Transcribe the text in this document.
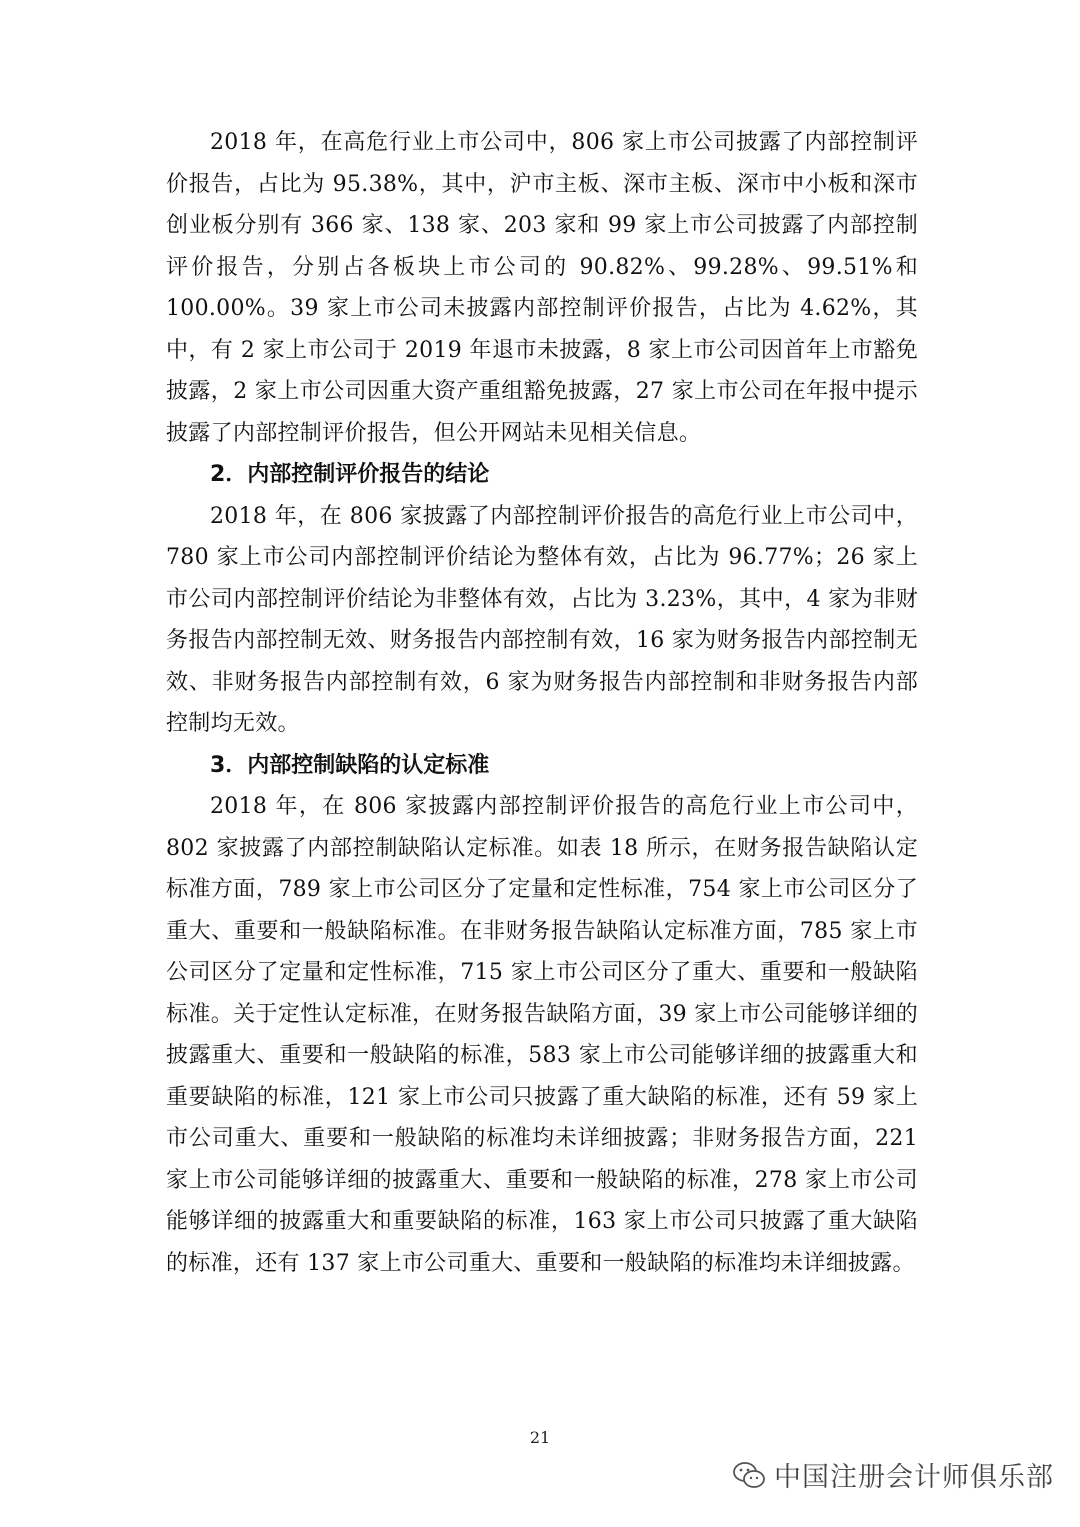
2018 年，在高危行业上市公司中，806 家上市公司披露了内部控制评价报告，占比为 95.38%，其中，沪市主板、深市主板、深市中小板和深市创业板分别有 366 家、138 家、203 家和 99 家上市公司披露了内部控制评价报告，分别占各板块上市公司的 90.82%、99.28%、99.51%和 100.00%。39 家上市公司未披露内部控制评价报告，占比为 4.62%，其中，有 2 家上市公司于 2019 年退市未披露，8 家上市公司因首年上市豁免披露，2 家上市公司因重大资产重组豁免披露，27 家上市公司在年报中提示披露了内部控制评价报告，但公开网站未见相关信息。

2．内部控制评价报告的结论

2018 年，在 806 家披露了内部控制评价报告的高危行业上市公司中，780 家上市公司内部控制评价结论为整体有效，占比为 96.77%；26 家上市公司内部控制评价结论为非整体有效，占比为 3.23%，其中，4 家为非财务报告内部控制无效、财务报告内部控制有效，16 家为财务报告内部控制无效、非财务报告内部控制有效，6 家为财务报告内部控制和非财务报告内部控制均无效。

3．内部控制缺陷的认定标准

2018 年，在 806 家披露内部控制评价报告的高危行业上市公司中，802 家披露了内部控制缺陷认定标准。如表 18 所示，在财务报告缺陷认定标准方面，789 家上市公司区分了定量和定性标准，754 家上市公司区分了重大、重要和一般缺陷标准。在非财务报告缺陷认定标准方面，785 家上市公司区分了定量和定性标准，715 家上市公司区分了重大、重要和一般缺陷标准。关于定性认定标准，在财务报告缺陷方面，39 家上市公司能够详细的披露重大、重要和一般缺陷的标准，583 家上市公司能够详细的披露重大和重要缺陷的标准，121 家上市公司只披露了重大缺陷的标准，还有 59 家上市公司重大、重要和一般缺陷的标准均未详细披露；非财务报告方面，221 家上市公司能够详细的披露重大、重要和一般缺陷的标准，278 家上市公司能够详细的披露重大和重要缺陷的标准，163 家上市公司只披露了重大缺陷的标准，还有 137 家上市公司重大、重要和一般缺陷的标准均未详细披露。

21
中国注册会计师俱乐部
